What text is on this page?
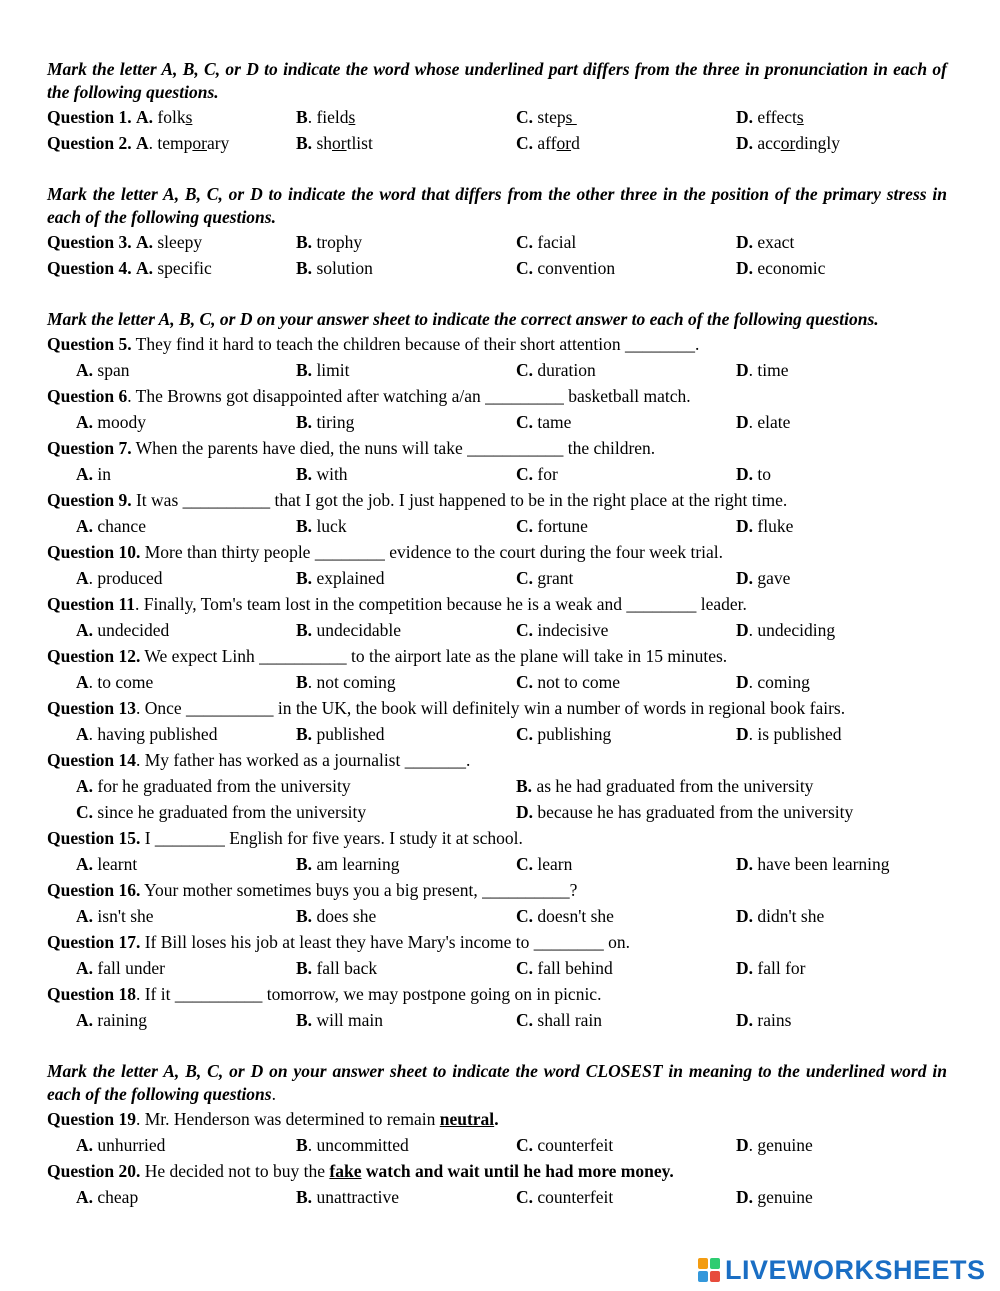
Mark the letter A, B, C, or D to indicate the word whose underlined part differs from the three in pronunciation in each of the following questions.

Question 1. A. folks	B. fields	C. steps	D. effects
Question 2. A. temporary	B. shortlist	C. afford	D. accordingly

Mark the letter A, B, C, or D to indicate the word that differs from the other three in the position of the primary stress in each of the following questions.

Question 3. A. sleepy	B. trophy	C. facial	D. exact
Question 4. A. specific	B. solution	C. convention	D. economic

Mark the letter A, B, C, or D on your answer sheet to indicate the correct answer to each of the following questions.

Question 5. They find it hard to teach the children because of their short attention ________.
A. span	B. limit	C. duration	D. time
Question 6. The Browns got disappointed after watching a/an _________ basketball match.
A. moody	B. tiring	C. tame	D. elate
Question 7. When the parents have died, the nuns will take ___________ the children.
A. in	B. with	C. for	D. to
Question 9. It was __________ that I got the job. I just happened to be in the right place at the right time.
A. chance	B. luck	C. fortune	D. fluke
Question 10. More than thirty people ________ evidence to the court during the four week trial.
A. produced	B. explained	C. grant	D. gave
Question 11. Finally, Tom's team lost in the competition because he is a weak and ________ leader.
A. undecided	B. undecidable	C. indecisive	D. undeciding
Question 12. We expect Linh __________ to the airport late as the plane will take in 15 minutes.
A. to come	B. not coming	C. not to come	D. coming
Question 13. Once __________ in the UK, the book will definitely win a number of words in regional book fairs.
A. having published	B. published	C. publishing	D. is published
Question 14. My father has worked as a journalist _______.
A. for he graduated from the university	B. as he had graduated from the university
C. since he graduated from the university	D. because he has graduated from the university
Question 15. I ________ English for five years. I study it at school.
A. learnt	B. am learning	C. learn	D. have been learning
Question 16. Your mother sometimes buys you a big present, __________?
A. isn't she	B. does she	C. doesn't she	D. didn't she
Question 17. If Bill loses his job at least they have Mary's income to ________ on.
A. fall under	B. fall back	C. fall behind	D. fall for
Question 18. If it __________ tomorrow, we may postpone going on in picnic.
A. raining	B. will main	C. shall rain	D. rains

Mark the letter A, B, C, or D on your answer sheet to indicate the word CLOSEST in meaning to the underlined word in each of the following questions.

Question 19. Mr. Henderson was determined to remain neutral.
A. unhurried	B. uncommitted	C. counterfeit	D. genuine
Question 20. He decided not to buy the fake watch and wait until he had more money.
A. cheap	B. unattractive	C. counterfeit	D. genuine
LIVEWORKSHEETS
